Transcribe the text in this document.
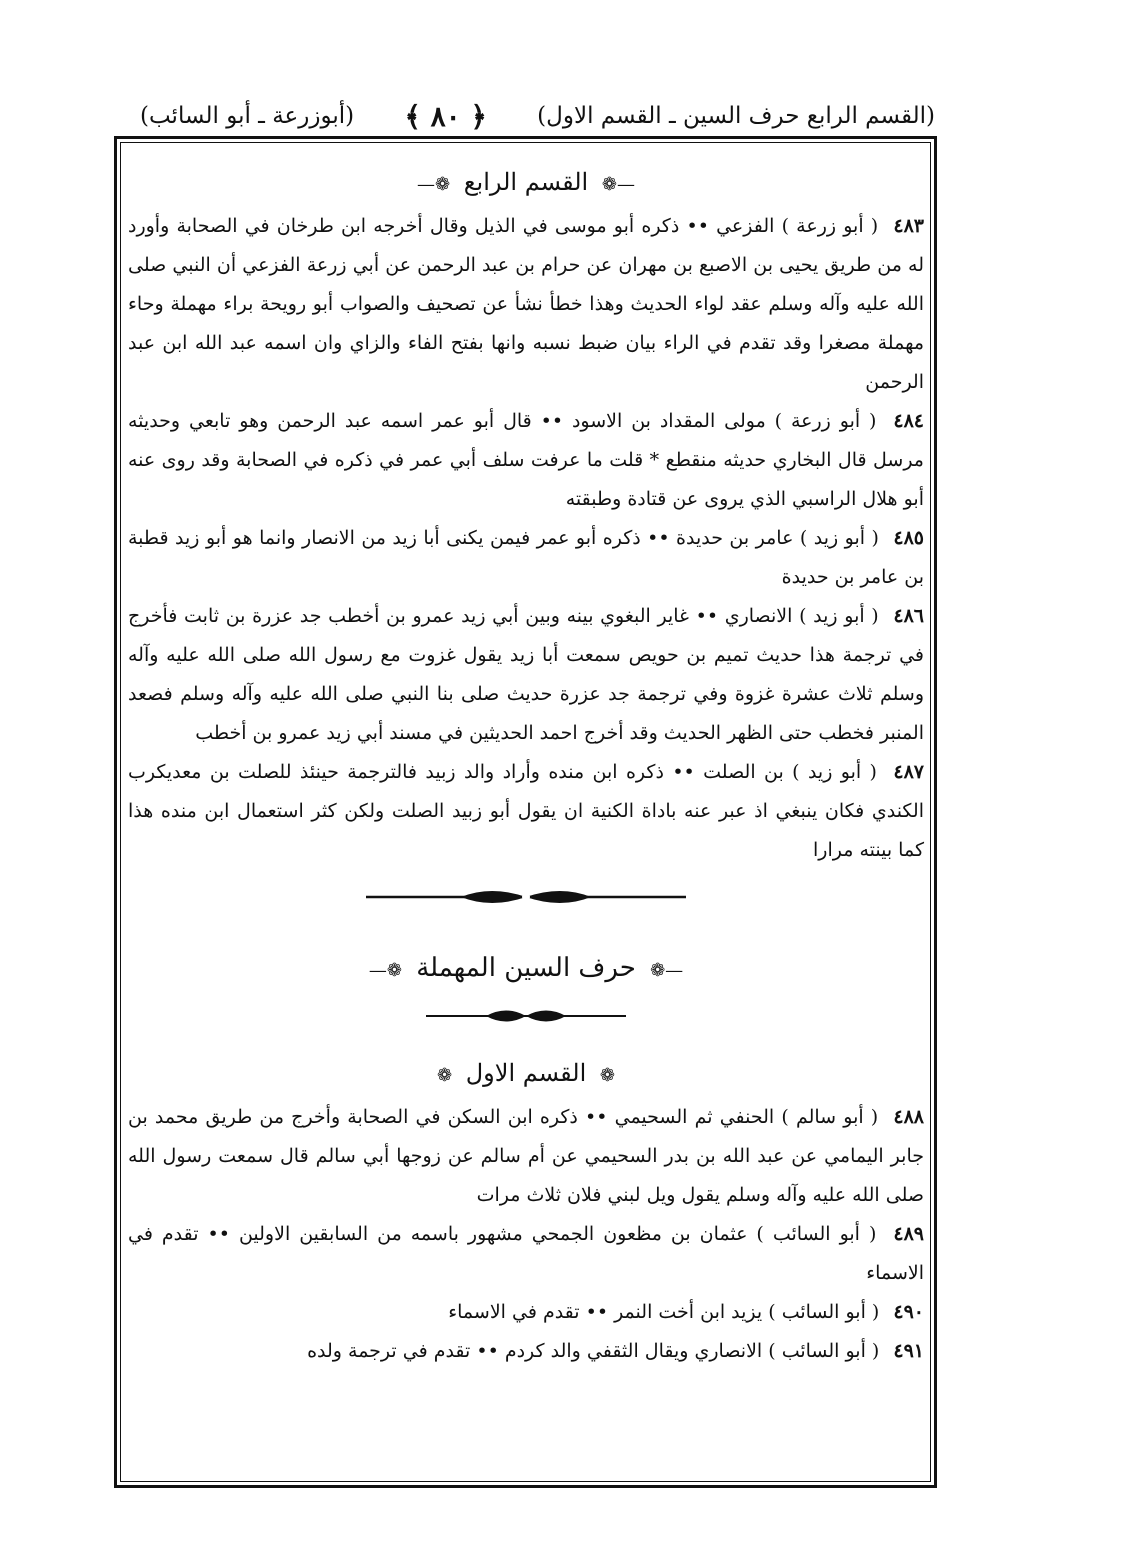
(القسم الرابع حرف السين ـ القسم الاول)
﴿ ٨٠ ﴾
(أبوزرعة ـ أبو السائب)
—❁ القسم الرابع ❁—

٤٨٣ ( أبو زرعة ) الفزعي •• ذكره أبو موسى في الذيل وقال أخرجه ابن طرخان في الصحابة وأورد له من طريق يحيى بن الاصبع بن مهران عن حرام بن عبد الرحمن عن أبي زرعة الفزعي أن النبي صلى الله عليه وآله وسلم عقد لواء الحديث وهذا خطأ نشأ عن تصحيف والصواب أبو رويحة براء مهملة وحاء مهملة مصغرا وقد تقدم في الراء بيان ضبط نسبه وانها بفتح الفاء والزاي وان اسمه عبد الله ابن عبد الرحمن

٤٨٤ ( أبو زرعة ) مولى المقداد بن الاسود •• قال أبو عمر اسمه عبد الرحمن وهو تابعي وحديثه مرسل قال البخاري حديثه منقطع * قلت ما عرفت سلف أبي عمر في ذكره في الصحابة وقد روى عنه أبو هلال الراسبي الذي يروى عن قتادة وطبقته

٤٨٥ ( أبو زيد ) عامر بن حديدة •• ذكره أبو عمر فيمن يكنى أبا زيد من الانصار وانما هو أبو زيد قطبة بن عامر بن حديدة

٤٨٦ ( أبو زيد ) الانصاري •• غاير البغوي بينه وبين أبي زيد عمرو بن أخطب جد عزرة بن ثابت فأخرج في ترجمة هذا حديث تميم بن حويص سمعت أبا زيد يقول غزوت مع رسول الله صلى الله عليه وآله وسلم ثلاث عشرة غزوة وفي ترجمة جد عزرة حديث صلى بنا النبي صلى الله عليه وآله وسلم فصعد المنبر فخطب حتى الظهر الحديث وقد أخرج احمد الحديثين في مسند أبي زيد عمرو بن أخطب

٤٨٧ ( أبو زيد ) بن الصلت •• ذكره ابن منده وأراد والد زبيد فالترجمة حينئذ للصلت بن معديكرب الكندي فكان ينبغي اذ عبر عنه باداة الكنية ان يقول أبو زبيد الصلت ولكن كثر استعمال ابن منده هذا كما بينته مرارا

—❁ حرف السين المهملة ❁—
❁ القسم الاول ❁

٤٨٨ ( أبو سالم ) الحنفي ثم السحيمي •• ذكره ابن السكن في الصحابة وأخرج من طريق محمد بن جابر اليمامي عن عبد الله بن بدر السحيمي عن أم سالم عن زوجها أبي سالم قال سمعت رسول الله صلى الله عليه وآله وسلم يقول ويل لبني فلان ثلاث مرات

٤٨٩ ( أبو السائب ) عثمان بن مظعون الجمحي مشهور باسمه من السابقين الاولين •• تقدم في الاسماء

٤٩٠ ( أبو السائب ) يزيد ابن أخت النمر •• تقدم في الاسماء

٤٩١ ( أبو السائب ) الانصاري ويقال الثقفي والد كردم •• تقدم في ترجمة ولده
